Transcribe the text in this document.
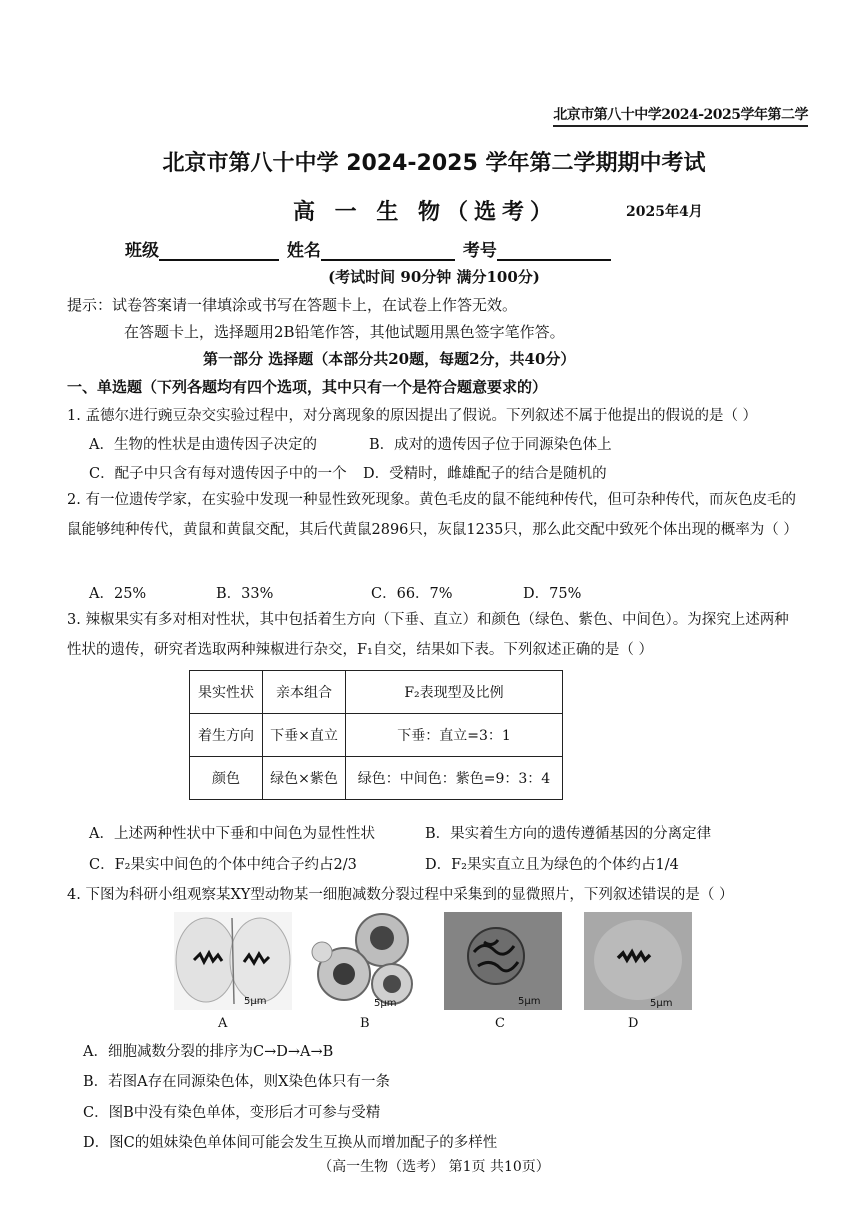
北京市第八十中学2024-2025学年第二学
北京市第八十中学 2024-2025 学年第二学期期中考试
高 一 生 物（选考）	2025年4月
班级	姓名	考号
(考试时间 90分钟 满分100分)
提示：试卷答案请一律填涂或书写在答题卡上，在试卷上作答无效。
在答题卡上，选择题用2B铅笔作答，其他试题用黑色签字笔作答。
第一部分 选择题（本部分共20题，每题2分，共40分）
一、单选题（下列各题均有四个选项，其中只有一个是符合题意要求的）
1. 孟德尔进行豌豆杂交实验过程中，对分离现象的原因提出了假说。下列叙述不属于他提出的假说的是（ ）
A．生物的性状是由遗传因子决定的	B．成对的遗传因子位于同源染色体上
C．配子中只含有每对遗传因子中的一个 D．受精时，雌雄配子的结合是随机的
2. 有一位遗传学家，在实验中发现一种显性致死现象。黄色毛皮的鼠不能纯种传代，但可杂种传代，而灰色皮毛的鼠能够纯种传代，黄鼠和黄鼠交配，其后代黄鼠2896只，灰鼠1235只，那么此交配中致死个体出现的概率为（ ）
A．25%	B．33%	C．66．7%	D．75%
3. 辣椒果实有多对相对性状，其中包括着生方向（下垂、直立）和颜色（绿色、紫色、中间色）。为探究上述两种性状的遗传，研究者选取两种辣椒进行杂交，F₁自交，结果如下表。下列叙述正确的是（ ）
果实性状	亲本组合	F₂表现型及比例
着生方向	下垂×直立	下垂：直立=3：1
颜色	绿色×紫色	绿色：中间色：紫色=9：3：4
A．上述两种性状中下垂和中间色为显性性状	B．果实着生方向的遗传遵循基因的分离定律
C．F₂果实中间色的个体中纯合子约占2/3	D．F₂果实直立且为绿色的个体约占1/4
4. 下图为科研小组观察某XY型动物某一细胞减数分裂过程中采集到的显微照片，下列叙述错误的是（ ）
5μm
A
5μm
B
5μm
C
5μm
D
A．细胞减数分裂的排序为C→D→A→B
B．若图A存在同源染色体，则X染色体只有一条
C．图B中没有染色单体，变形后才可参与受精
D．图C的姐妹染色单体间可能会发生互换从而增加配子的多样性
（高一生物（选考） 第1页 共10页）
